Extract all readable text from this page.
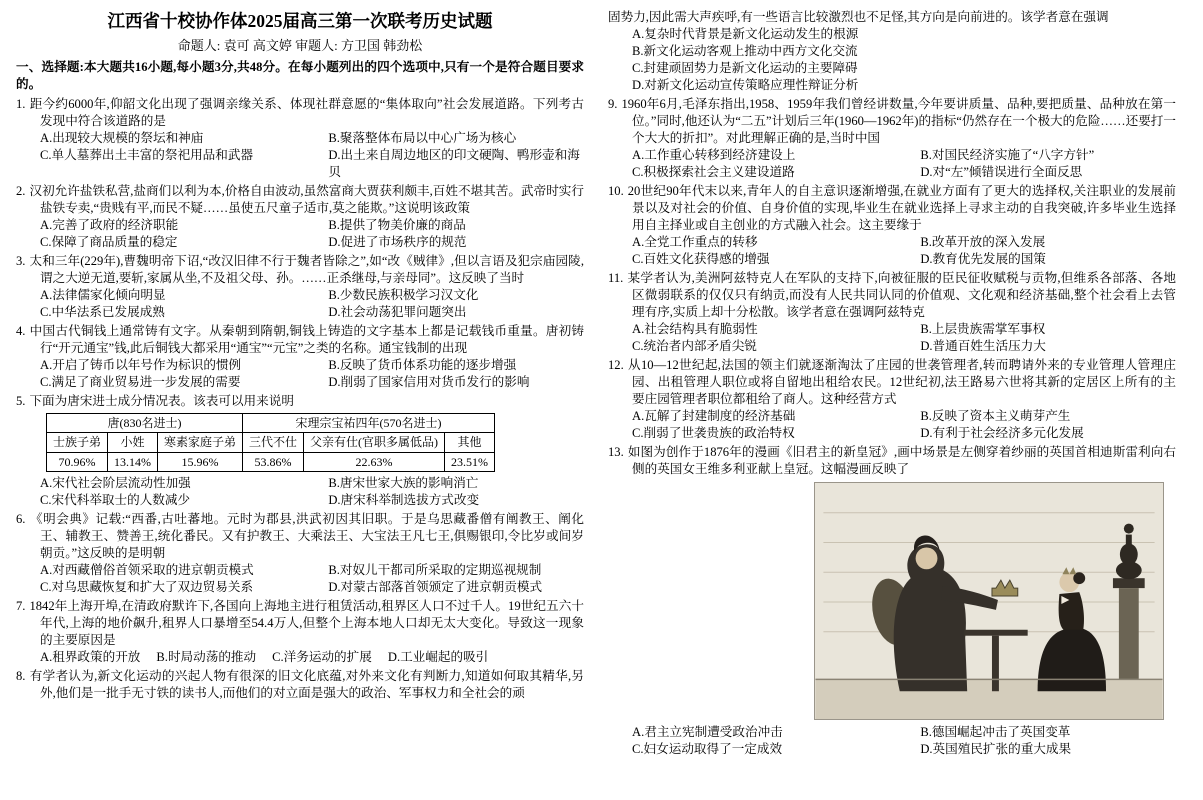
江西省十校协作体2025届高三第一次联考历史试题
命题人: 袁可 高文婷 审题人: 方卫国 韩劲松
一、选择题:本大题共16小题,每小题3分,共48分。在每小题列出的四个选项中,只有一个是符合题目要求的。
1. 距今约6000年,仰韶文化出现了强调亲缘关系、体现社群意愿的“集体取向”社会发展道路。下列考古发现中符合该道路的是
A.出现较大规模的祭坛和神庙	B.聚落整体布局以中心广场为核心
C.单人墓葬出土丰富的祭祀用品和武器	D.出土来自周边地区的印文硬陶、鸭形壶和海贝
2. 汉初允许盐铁私营,盐商们以利为本,价格自由波动,虽然富商大贾获利颇丰,百姓不堪其苦。武帝时实行盐铁专卖,“贵贱有平,而民不疑……虽使五尺童子适市,莫之能欺。”这说明该政策
A.完善了政府的经济职能	B.提供了物美价廉的商品
C.保障了商品质量的稳定	D.促进了市场秩序的规范
3. 太和三年(229年),曹魏明帝下诏,“改汉旧律不行于魏者皆除之”,如“改《贼律》,但以言语及犯宗庙园陵,谓之大逆无道,要斩,家属从坐,不及祖父母、孙。……正杀继母,与亲母同”。这反映了当时
A.法律儒家化倾向明显	B.少数民族积极学习汉文化
C.中华法系已发展成熟	D.社会动荡犯罪问题突出
4. 中国古代铜钱上通常铸有文字。从秦朝到隋朝,铜钱上铸造的文字基本上都是记载钱币重量。唐初铸行“开元通宝”钱,此后铜钱大都采用“通宝”“元宝”之类的名称。通宝钱制的出现
A.开启了铸币以年号作为标识的惯例	B.反映了货币体系功能的逐步增强
C.满足了商业贸易进一步发展的需要	D.削弱了国家信用对货币发行的影响
5. 下面为唐宋进士成分情况表。该表可以用来说明
唐(830名进士)			宋理宗宝祐四年(570名进士)		
士族子弟	小姓	寒素家庭子弟	三代不仕	父亲有仕(官职多属低品)	其他
70.96%	13.14%	15.96%	53.86%	22.63%	23.51%
A.宋代社会阶层流动性加强	B.唐宋世家大族的影响消亡
C.宋代科举取士的人数减少	D.唐宋科举制选拔方式改变
6. 《明会典》记载:“西番,古吐蕃地。元时为郡县,洪武初因其旧职。于是乌思藏番僧有阐教王、阐化王、辅教王、赞善王,统化番民。又有护教王、大乘法王、大宝法王凡七王,俱赐银印,令比岁或间岁朝贡。”这反映的是明朝
A.对西藏僧俗首领采取的进京朝贡模式	B.对奴儿干都司所采取的定期巡视规制
C.对乌思藏恢复和扩大了双边贸易关系	D.对蒙古部落首领颁定了进京朝贡模式
7. 1842年上海开埠,在清政府默许下,各国向上海地主进行租赁活动,租界区人口不过千人。19世纪五六十年代,上海的地价飙升,租界人口暴增至54.4万人,但整个上海本地人口却无太大变化。导致这一现象的主要原因是
A.租界政策的开放 B.时局动荡的推动 C.洋务运动的扩展 D.工业崛起的吸引
8. 有学者认为,新文化运动的兴起人物有很深的旧文化底蕴,对外来文化有判断力,知道如何取其精华,另外,他们是一批手无寸铁的读书人,而他们的对立面是强大的政治、军事权力和全社会的顽
固势力,因此需大声疾呼,有一些语言比较激烈也不足怪,其方向是向前进的。该学者意在强调
A.复杂时代背景是新文化运动发生的根源
B.新文化运动客观上推动中西方文化交流
C.封建顽固势力是新文化运动的主要障碍
D.对新文化运动宣传策略应理性辩证分析
9. 1960年6月,毛泽东指出,1958、1959年我们曾经讲数量,今年要讲质量、品种,要把质量、品种放在第一位。”同时,他还认为“二五”计划后三年(1960—1962年)的指标“仍然存在一个极大的危险……还要打一个大大的折扣”。对此理解正确的是,当时中国
A.工作重心转移到经济建设上	B.对国民经济实施了“八字方针”
C.积极探索社会主义建设道路	D.对“左”倾错误进行全面反思
10. 20世纪90年代末以来,青年人的自主意识逐渐增强,在就业方面有了更大的选择权,关注职业的发展前景以及对社会的价值、自身价值的实现,毕业生在就业选择上寻求主动的自我突破,许多毕业生选择用自主择业或自主创业的方式融入社会。这主要缘于
A.全党工作重点的转移	B.改革开放的深入发展
C.百姓文化获得感的增强	D.教育优先发展的国策
11. 某学者认为,美洲阿兹特克人在军队的支持下,向被征服的臣民征收赋税与贡物,但维系各部落、各地区微弱联系的仅仅只有纳贡,而没有人民共同认同的价值观、文化观和经济基础,整个社会看上去管理有序,实质上却十分松散。该学者意在强调阿兹特克
A.社会结构具有脆弱性	B.上层贵族需掌军事权
C.统治者内部矛盾尖锐	D.普通百姓生活压力大
12. 从10—12世纪起,法国的领主们就逐渐淘汰了庄园的世袭管理者,转而聘请外来的专业管理人管理庄园、出租管理人职位或将自留地出租给农民。12世纪初,法王路易六世将其新的定居区上所有的主要庄园管理者职位都租给了商人。这种经营方式
A.瓦解了封建制度的经济基础	B.反映了资本主义萌芽产生
C.削弱了世袭贵族的政治特权	D.有利于社会经济多元化发展
13. 如图为创作于1876年的漫画《旧君主的新皇冠》,画中场景是左侧穿着纱丽的英国首相迪斯雷利向右侧的英国女王维多利亚献上皇冠。这幅漫画反映了
A.君主立宪制遭受政治冲击	B.德国崛起冲击了英国变革
C.妇女运动取得了一定成效	D.英国殖民扩张的重大成果
